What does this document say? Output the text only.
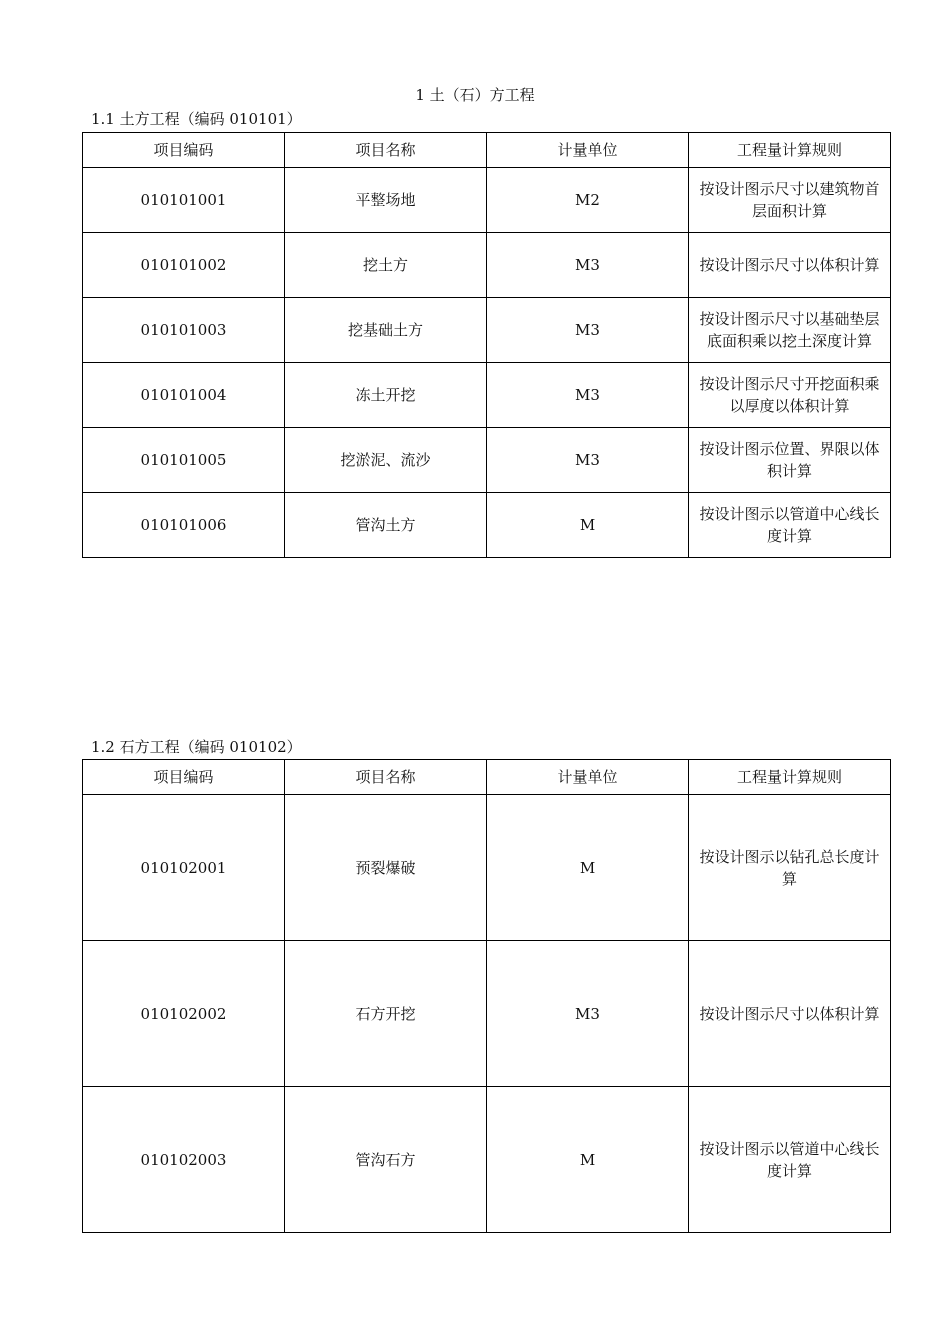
1 土（石）方工程
1.1 土方工程（编码 010101）
项目编码	项目名称	计量单位	工程量计算规则
010101001	平整场地	M2	按设计图示尺寸以建筑物首层面积计算
010101002	挖土方	M3	按设计图示尺寸以体积计算
010101003	挖基础土方	M3	按设计图示尺寸以基础垫层底面积乘以挖土深度计算
010101004	冻土开挖	M3	按设计图示尺寸开挖面积乘以厚度以体积计算
010101005	挖淤泥、流沙	M3	按设计图示位置、界限以体积计算
010101006	管沟土方	M	按设计图示以管道中心线长度计算
1.2 石方工程（编码 010102）
项目编码	项目名称	计量单位	工程量计算规则
010102001	预裂爆破	M	按设计图示以钻孔总长度计算
010102002	石方开挖	M3	按设计图示尺寸以体积计算
010102003	管沟石方	M	按设计图示以管道中心线长度计算
